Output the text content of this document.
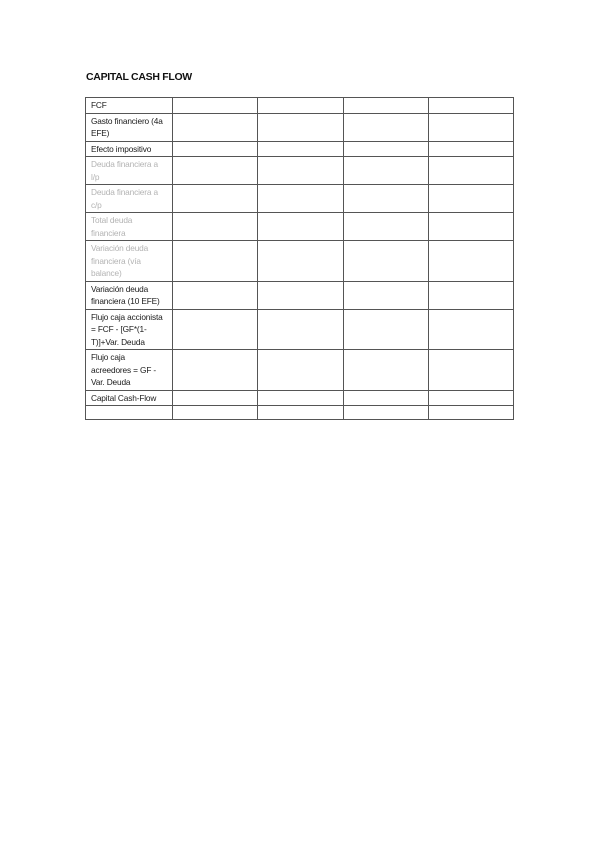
CAPITAL CASH FLOW
FCF				
Gasto financiero (4a EFE)				
Efecto impositivo				
Deuda financiera a l/p				
Deuda financiera a c/p				
Total deuda financiera				
Variación deuda financiera (vía balance)				
Variación deuda financiera (10 EFE)				
Flujo caja accionista = FCF - [GF*(1-T)]+Var. Deuda				
Flujo caja acreedores = GF - Var. Deuda				
Capital Cash-Flow				
